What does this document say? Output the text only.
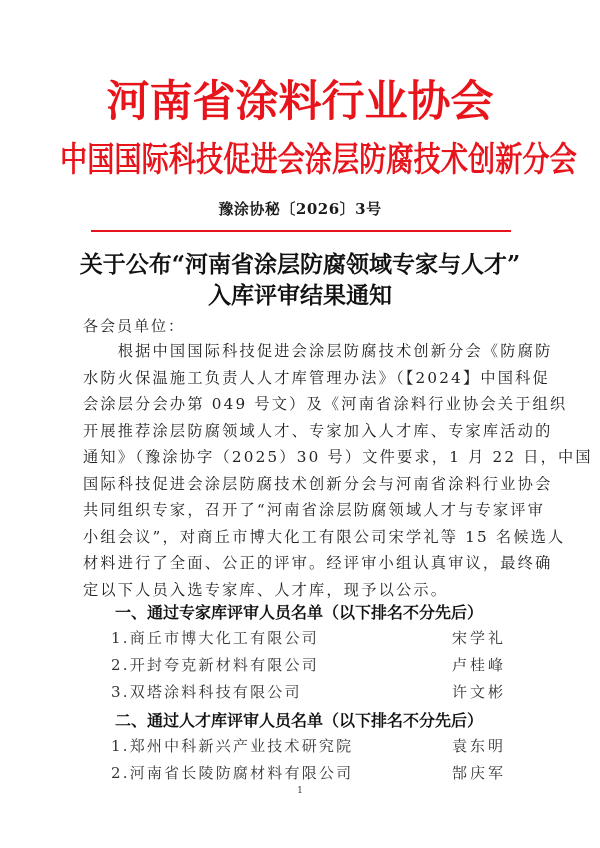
河南省涂料行业协会
中国国际科技促进会涂层防腐技术创新分会
豫涂协秘〔2026〕3号
关于公布“河南省涂层防腐领域专家与人才”
入库评审结果通知
各会员单位：
　　根据中国国际科技促进会涂层防腐技术创新分会《防腐防
水防火保温施工负责人人才库管理办法》（【2024】中国科促
会涂层分会办第 049 号文）及《河南省涂料行业协会关于组织
开展推荐涂层防腐领域人才、专家加入人才库、专家库活动的
通知》（豫涂协字（2025）30 号）文件要求，1 月 22 日，中国
国际科技促进会涂层防腐技术创新分会与河南省涂料行业协会
共同组织专家，召开了“河南省涂层防腐领域人才与专家评审
小组会议”，对商丘市博大化工有限公司宋学礼等 15 名候选人
材料进行了全面、公正的评审。经评审小组认真审议，最终确
定以下人员入选专家库、人才库，现予以公示。
一、通过专家库评审人员名单（以下排名不分先后）
1.商丘市博大化工有限公司	宋学礼
2.开封夸克新材料有限公司	卢桂峰
3.双塔涂料科技有限公司	许文彬
二、通过人才库评审人员名单（以下排名不分先后）
1.郑州中科新兴产业技术研究院	袁东明
2.河南省长陵防腐材料有限公司	郜庆军
1
